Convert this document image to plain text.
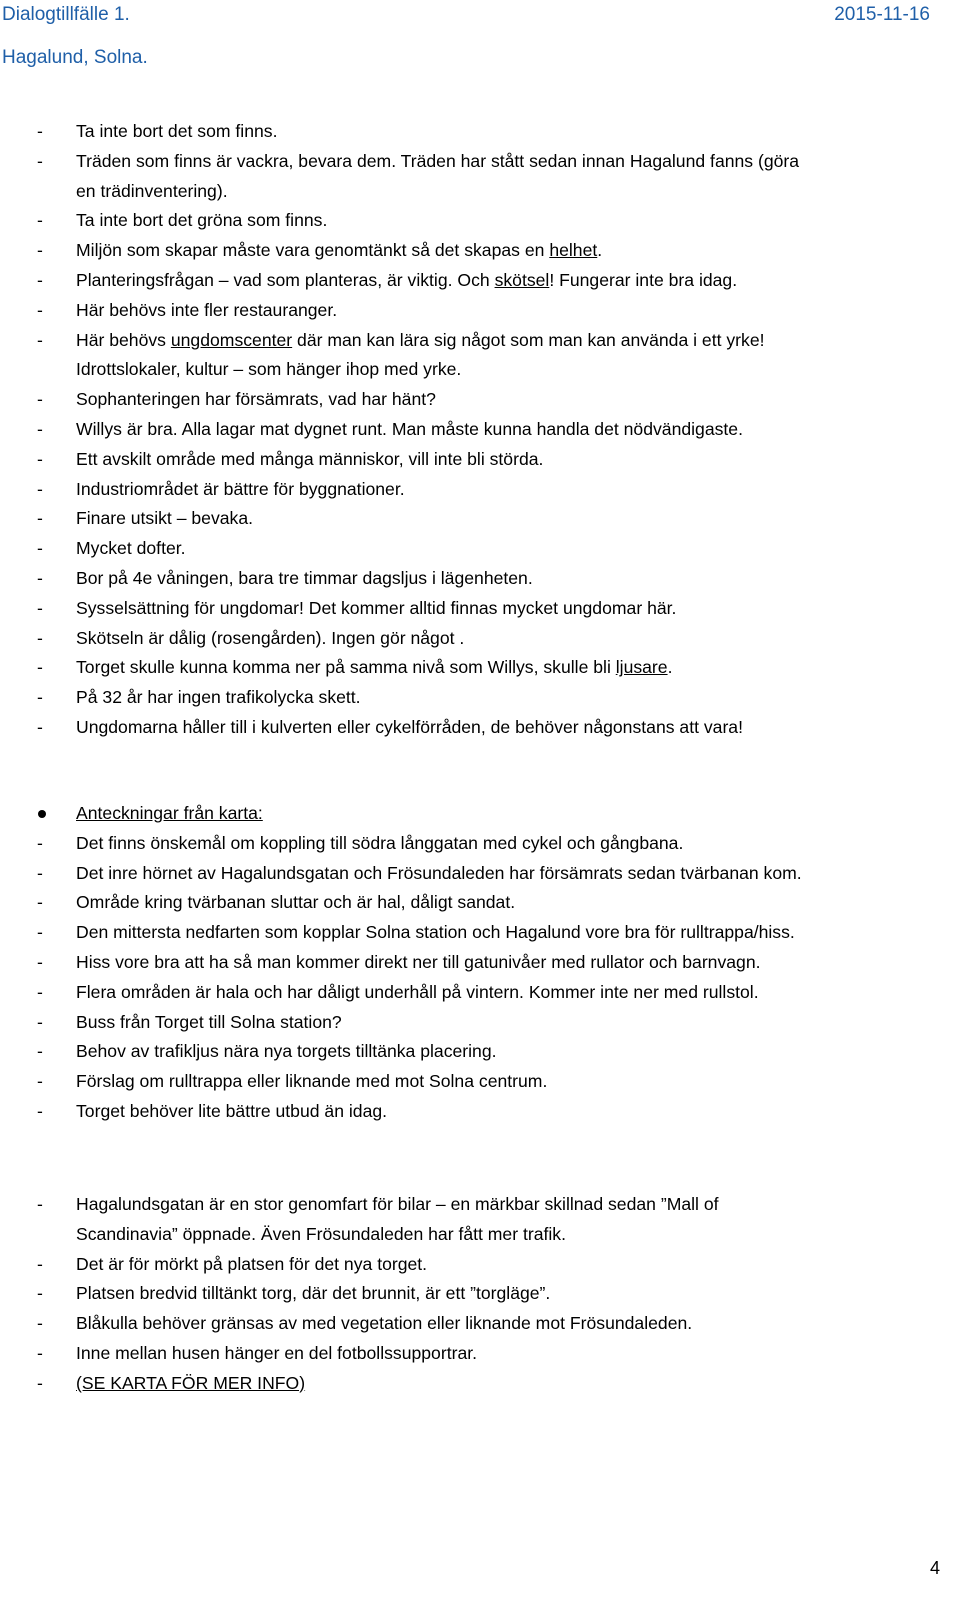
Dialogtillfälle 1.	2015-11-16
Hagalund, Solna.
- Ta inte bort det som finns.
- Träden som finns är vackra, bevara dem. Träden har stått sedan innan Hagalund fanns (göra
en trädinventering).
- Ta inte bort det gröna som finns.
- Miljön som skapar måste vara genomtänkt så det skapas en helhet.
- Planteringsfrågan – vad som planteras, är viktig. Och skötsel! Fungerar inte bra idag.
- Här behövs inte fler restauranger.
- Här behövs ungdomscenter där man kan lära sig något som man kan använda i ett yrke!
Idrottslokaler, kultur – som hänger ihop med yrke.
- Sophanteringen har försämrats, vad har hänt?
- Willys är bra. Alla lagar mat dygnet runt. Man måste kunna handla det nödvändigaste.
- Ett avskilt område med många människor, vill inte bli störda.
- Industriområdet är bättre för byggnationer.
- Finare utsikt – bevaka.
- Mycket dofter.
- Bor på 4e våningen, bara tre timmar dagsljus i lägenheten.
- Sysselsättning för ungdomar! Det kommer alltid finnas mycket ungdomar här.
- Skötseln är dålig (rosengården). Ingen gör något .
- Torget skulle kunna komma ner på samma nivå som Willys, skulle bli ljusare.
- På 32 år har ingen trafikolycka skett.
- Ungdomarna håller till i kulverten eller cykelförråden, de behöver någonstans att vara!
Anteckningar från karta:
- Det finns önskemål om koppling till södra långgatan med cykel och gångbana.
- Det inre hörnet av Hagalundsgatan och Frösundaleden har försämrats sedan tvärbanan kom.
- Område kring tvärbanan sluttar och är hal, dåligt sandat.
- Den mittersta nedfarten som kopplar Solna station och Hagalund vore bra för rulltrappa/hiss.
- Hiss vore bra att ha så man kommer direkt ner till gatunivåer med rullator och barnvagn.
- Flera områden är hala och har dåligt underhåll på vintern. Kommer inte ner med rullstol.
- Buss från Torget till Solna station?
- Behov av trafikljus nära nya torgets tilltänka placering.
- Förslag om rulltrappa eller liknande med mot Solna centrum.
- Torget behöver lite bättre utbud än idag.
- Hagalundsgatan är en stor genomfart för bilar – en märkbar skillnad sedan ”Mall of
Scandinavia” öppnade. Även Frösundaleden har fått mer trafik.
- Det är för mörkt på platsen för det nya torget.
- Platsen bredvid tilltänkt torg, där det brunnit, är ett ”torgläge”.
- Blåkulla behöver gränsas av med vegetation eller liknande mot Frösundaleden.
- Inne mellan husen hänger en del fotbollssupportrar.
- (SE KARTA FÖR MER INFO)
4
